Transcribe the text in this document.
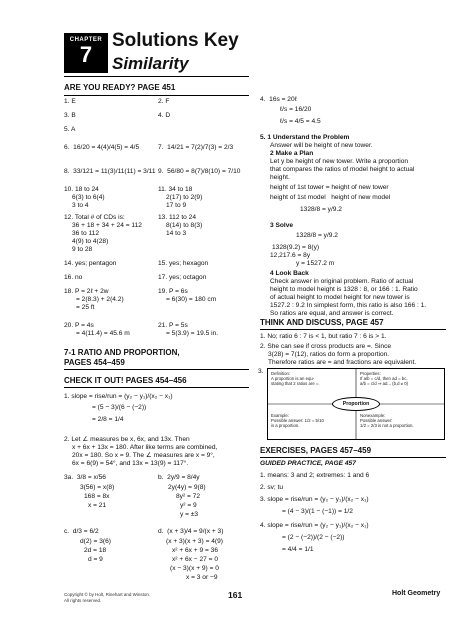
CHAPTER
7
Solutions Key
Similarity
ARE YOU READY? PAGE 451
1. E	2. F
3. B	4. D
5. A
6.  16/20 = 4(4)/4(5) = 4/5	7.  14/21 = 7(2)/7(3) = 2/3
8.  33/121 = 11(3)/11(11) = 3/11 9.  56/80 = 8(7)/8(10) = 7/10
10. 18 to 24
6(3) to 6(4)
3 to 4
11. 34 to 18
2(17) to 2(9)
17 to 9
12. Total # of CDs is:
36 + 18 + 34 + 24 = 112
36 to 112
4(9) to 4(28)
9 to 28
13. 112 to 24
8(14) to 8(3)
14 to 3
14. yes; pentagon	15. yes; hexagon
16. no	17. yes; octagon
18. P = 2ℓ + 2w
= 2(8.3) + 2(4.2)
= 25 ft
19. P = 6s
= 6(30) = 180 cm
20. P = 4s
= 4(11.4) = 45.6 m
21. P = 5s
= 5(3.9) = 19.5 in.
7-1 RATIO AND PROPORTION,
PAGES 454–459
CHECK IT OUT! PAGES 454–456
1. slope = rise/run = (y₂ − y₁)/(x₂ − x₁)
= (5 − 3)/(6 − (−2))
= 2/8 = 1/4
2. Let ∠ measures be x, 6x, and 13x. Then
x + 6x + 13x = 180. After like terms are combined,
20x = 180. So x = 9. The ∠ measures are x = 9°,
6x = 6(9) = 54°, and 13x = 13(9) = 117°.
3a.  3/8 = x/56
3(56) = x(8)
168 = 8x
x = 21
b.  2y/9 = 8/4y
2y(4y) = 9(8)
8y² = 72
y² = 9
y = ±3
c.  d/3 = 6/2
d(2) = 3(6)
2d = 18
d = 9
d.  (x + 3)/4 = 9/(x + 3)
(x + 3)(x + 3) = 4(9)
x² + 6x + 9 = 36
x² + 6x − 27 = 0
(x − 3)(x + 9) = 0
x = 3 or −9
4.  16s = 20ℓ
ℓ/s = 16/20
ℓ/s = 4/5 = 4.5
5. 1 Understand the Problem
Answer will be height of new tower.
2 Make a Plan
Let y be height of new tower. Write a proportion
that compares the ratios of model height to actual
height.
height of 1st tower = height of new tower
height of 1st model   height of new model
1328/8 = y/9.2
3 Solve
1328/8 = y/9.2
1328(9.2) = 8(y)
12,217.6 = 8y
y = 1527.2 m
4 Look Back
Check answer in original problem. Ratio of actual
height to model height is 1328 : 8, or 166 : 1. Ratio
of actual height to model height for new tower is
1527.2 : 9.2 In simplest form, this ratio is also 166 : 1.
So ratios are equal, and answer is correct.
THINK AND DISCUSS, PAGE 457
1. No; ratio 6 : 7 is < 1, but ratio 7 : 6 is > 1.
2. She can see if cross products are =. Since
3(28) = 7(12), ratios do form a proportion.
Therefore ratios are = and fractions are equivalent.
3. Definition:
A proportion is an equ-
stating that 2 ratios are =.
Properties:
If a/b = c/d, then ad = bc.
a/b = c/d ⇒ ad... (b,d ≠ 0)
Example:
Possible answer: 1/2 = 5/10
is a proportion.
Nonexample:
Possible answer:
1/2 = 2/3 is not a proportion.
Proportion
EXERCISES, PAGES 457–459
GUIDED PRACTICE, PAGE 457
1. means: 3 and 2; extremes: 1 and 6
2. sv; tu
3. slope = rise/run = (y₂ − y₁)/(x₂ − x₁)
= (4 − 3)/(1 − (−1)) = 1/2
4. slope = rise/run = (y₂ − y₁)/(x₂ − x₁)
= (2 − (−2))/(2 − (−2))
= 4/4 = 1/1
Copyright © by Holt, Rinehart and Winston.
All rights reserved.
161	Holt Geometry
